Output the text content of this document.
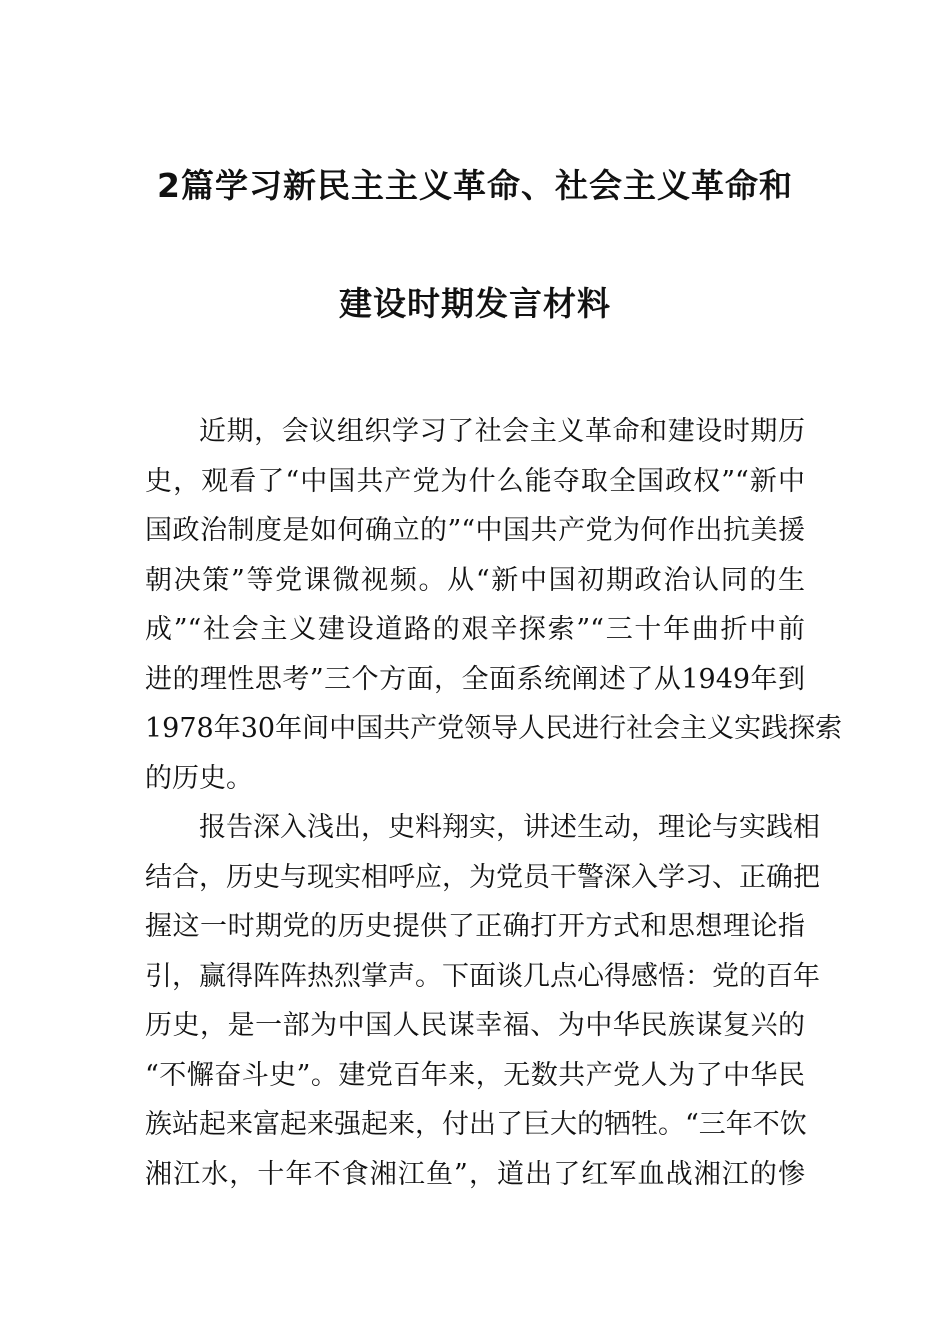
2篇学习新民主主义革命、社会主义革命和
建设时期发言材料
近期，会议组织学习了社会主义革命和建设时期历
史，观看了“中国共产党为什么能夺取全国政权”“新中
国政治制度是如何确立的”“中国共产党为何作出抗美援
朝决策”等党课微视频。从“新中国初期政治认同的生
成”“社会主义建设道路的艰辛探索”“三十年曲折中前
进的理性思考”三个方面，全面系统阐述了从1949年到
1978年30年间中国共产党领导人民进行社会主义实践探索
的历史。
报告深入浅出，史料翔实，讲述生动，理论与实践相
结合，历史与现实相呼应，为党员干警深入学习、正确把
握这一时期党的历史提供了正确打开方式和思想理论指
引，赢得阵阵热烈掌声。下面谈几点心得感悟：党的百年
历史，是一部为中国人民谋幸福、为中华民族谋复兴的
“不懈奋斗史”。建党百年来，无数共产党人为了中华民
族站起来富起来强起来，付出了巨大的牺牲。“三年不饮
湘江水，十年不食湘江鱼”，道出了红军血战湘江的惨
